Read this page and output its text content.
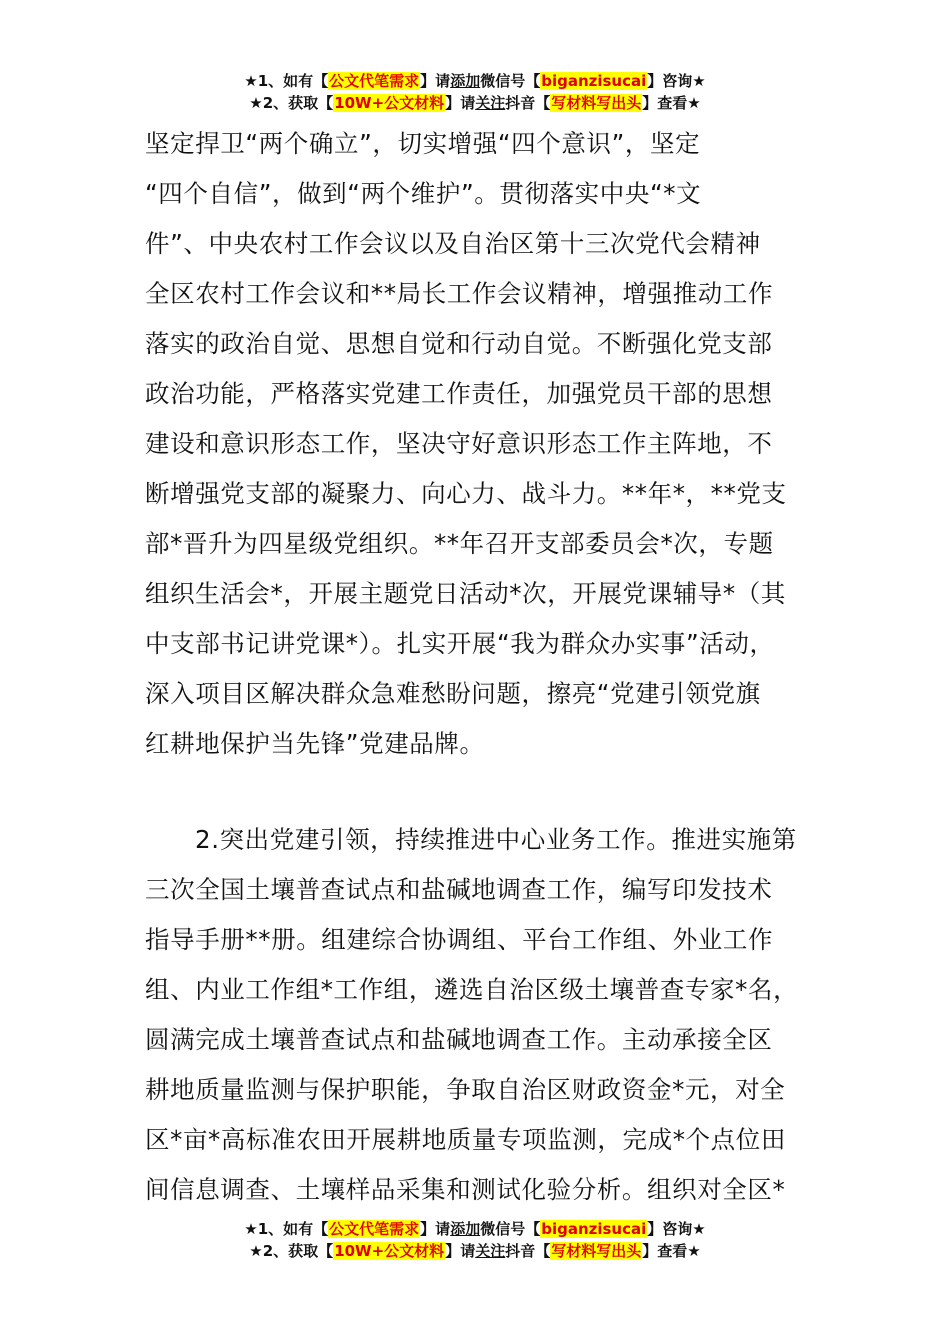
★1、如有【公文代笔需求】请添加微信号【biganzisucai】咨询★
★2、获取【10W+公文材料】请关注抖音【写材料写出头】查看★
坚定捍卫“两个确立”，切实增强“四个意识”，坚定
“四个自信”，做到“两个维护”。贯彻落实中央“*文
件”、中央农村工作会议以及自治区第十三次党代会精神
全区农村工作会议和**局长工作会议精神，增强推动工作
落实的政治自觉、思想自觉和行动自觉。不断强化党支部
政治功能，严格落实党建工作责任，加强党员干部的思想
建设和意识形态工作，坚决守好意识形态工作主阵地，不
断增强党支部的凝聚力、向心力、战斗力。**年*，**党支
部*晋升为四星级党组织。**年召开支部委员会*次，专题
组织生活会*，开展主题党日活动*次，开展党课辅导*（其
中支部书记讲党课*）。扎实开展“我为群众办实事”活动，
深入项目区解决群众急难愁盼问题，擦亮“党建引领党旗
红耕地保护当先锋”党建品牌。
2.突出党建引领，持续推进中心业务工作。推进实施第
三次全国土壤普查试点和盐碱地调查工作，编写印发技术
指导手册**册。组建综合协调组、平台工作组、外业工作
组、内业工作组*工作组，遴选自治区级土壤普查专家*名，
圆满完成土壤普查试点和盐碱地调查工作。主动承接全区
耕地质量监测与保护职能，争取自治区财政资金*元，对全
区*亩*高标准农田开展耕地质量专项监测，完成*个点位田
间信息调查、土壤样品采集和测试化验分析。组织对全区*
★1、如有【公文代笔需求】请添加微信号【biganzisucai】咨询★
★2、获取【10W+公文材料】请关注抖音【写材料写出头】查看★
